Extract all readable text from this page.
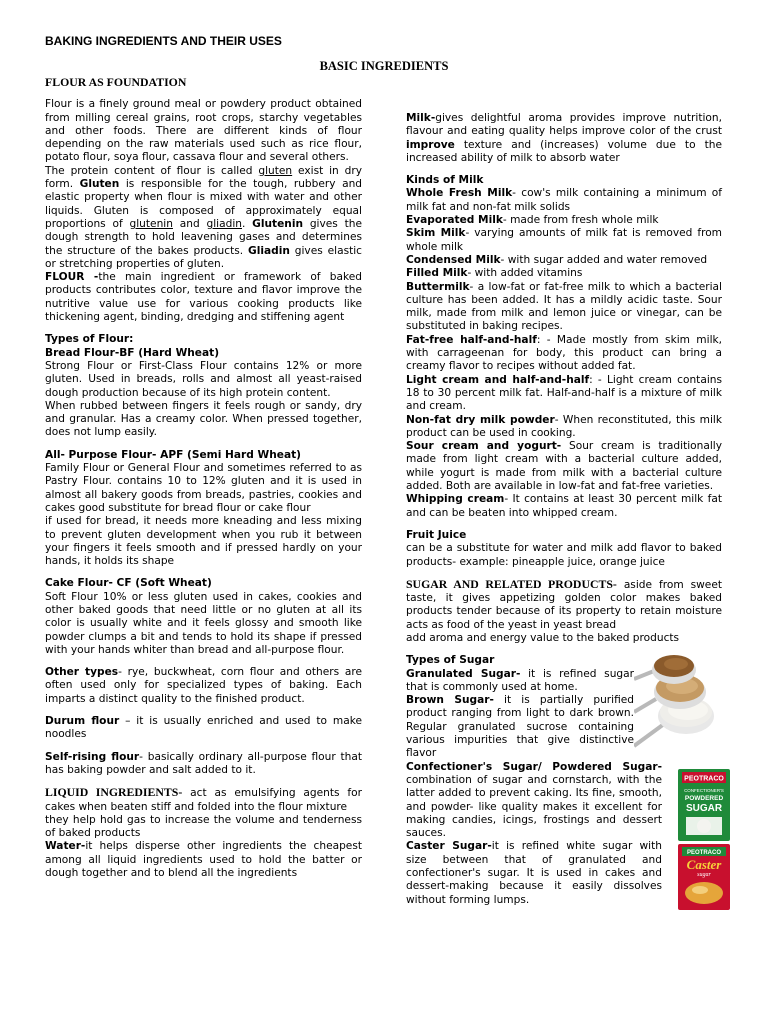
BAKING INGREDIENTS AND THEIR USES
BASIC INGREDIENTS

FLOUR AS FOUNDATION

Flour is a finely ground meal or powdery product obtained from milling cereal grains, root crops, starchy vegetables and other foods. There are different kinds of flour depending on the raw materials used such as rice flour, potato flour, soya flour, cassava flour and several others.

The protein content of flour is called gluten exist in dry form. Gluten is responsible for the tough, rubbery and elastic property when flour is mixed with water and other liquids. Gluten is composed of approximately equal proportions of glutenin and gliadin. Glutenin gives the dough strength to hold leavening gases and determines the structure of the bakes products. Gliadin gives elastic or stretching properties of gluten.

FLOUR -the main ingredient or framework of baked products contributes color, texture and flavor improve the nutritive value use for various cooking products like thickening agent, binding, dredging and stiffening agent

Types of Flour:

Bread Flour-BF (Hard Wheat)

Strong Flour or First-Class Flour contains 12% or more gluten. Used in breads, rolls and almost all yeast-raised dough production because of its high protein content.

When rubbed between fingers it feels rough or sandy, dry and granular. Has a creamy color. When pressed together, does not lump easily.

All- Purpose Flour- APF (Semi Hard Wheat)

Family Flour or General Flour and sometimes referred to as Pastry Flour. contains 10 to 12% gluten and it is used in almost all bakery goods from breads, pastries, cookies and cakes good substitute for bread flour or cake flour

if used for bread, it needs more kneading and less mixing to prevent gluten development when you rub it between your fingers it feels smooth and if pressed hardly on your hands, it holds its shape

Cake Flour- CF (Soft Wheat)

Soft Flour 10% or less gluten used in cakes, cookies and other baked goods that need little or no gluten at all its color is usually white and it feels glossy and smooth like powder clumps a bit and tends to hold its shape if pressed with your hands whiter than bread and all-purpose flour.

Other types- rye, buckwheat, corn flour and others are often used only for specialized types of baking. Each imparts a distinct quality to the finished product.

Durum flour – it is usually enriched and used to make noodles

Self-rising flour- basically ordinary all-purpose flour that has baking powder and salt added to it.

LIQUID INGREDIENTS- act as emulsifying agents for cakes when beaten stiff and folded into the flour mixture

they help hold gas to increase the volume and tenderness of baked products

Water-it helps disperse other ingredients the cheapest among all liquid ingredients used to hold the batter or dough together and to blend all the ingredients

Milk-gives delightful aroma provides improve nutrition, flavour and eating quality helps improve color of the crust improve texture and (increases) volume due to the increased ability of milk to absorb water

Kinds of Milk

Whole Fresh Milk- cow's milk containing a minimum of milk fat and non-fat milk solids

Evaporated Milk- made from fresh whole milk

Skim Milk- varying amounts of milk fat is removed from whole milk

Condensed Milk- with sugar added and water removed

Filled Milk- with added vitamins

Buttermilk- a low-fat or fat-free milk to which a bacterial culture has been added. It has a mildly acidic taste. Sour milk, made from milk and lemon juice or vinegar, can be substituted in baking recipes.

Fat-free half-and-half: - Made mostly from skim milk, with carrageenan for body, this product can bring a creamy flavor to recipes without added fat.

Light cream and half-and-half: - Light cream contains 18 to 30 percent milk fat. Half-and-half is a mixture of milk and cream.

Non-fat dry milk powder- When reconstituted, this milk product can be used in cooking.

Sour cream and yogurt- Sour cream is traditionally made from light cream with a bacterial culture added, while yogurt is made from milk with a bacterial culture added. Both are available in low-fat and fat-free varieties.

Whipping cream- It contains at least 30 percent milk fat and can be beaten into whipped cream.

Fruit Juice

can be a substitute for water and milk add flavor to baked products- example: pineapple juice, orange juice

SUGAR AND RELATED PRODUCTS- aside from sweet taste, it gives appetizing golden color makes baked products tender because of its property to retain moisture acts as food of the yeast in yeast bread

add aroma and energy value to the baked products

PEOTRACO
CONFECTIONER'S
POWDERED
SUGAR
PEOTRACO
Caster
sugar

Types of Sugar

Granulated Sugar- it is refined sugar that is commonly used at home.

Brown Sugar- it is partially purified product ranging from light to dark brown. Regular granulated sucrose containing various impurities that give distinctive flavor

Confectioner's Sugar/ Powdered Sugar- combination of sugar and cornstarch, with the latter added to prevent caking. Its fine, smooth, and powder- like quality makes it excellent for making candies, icings, frostings and dessert sauces.

Caster Sugar-it is refined white sugar with size between that of granulated and confectioner's sugar. It is used in cakes and dessert-making because it easily dissolves without forming lumps.
